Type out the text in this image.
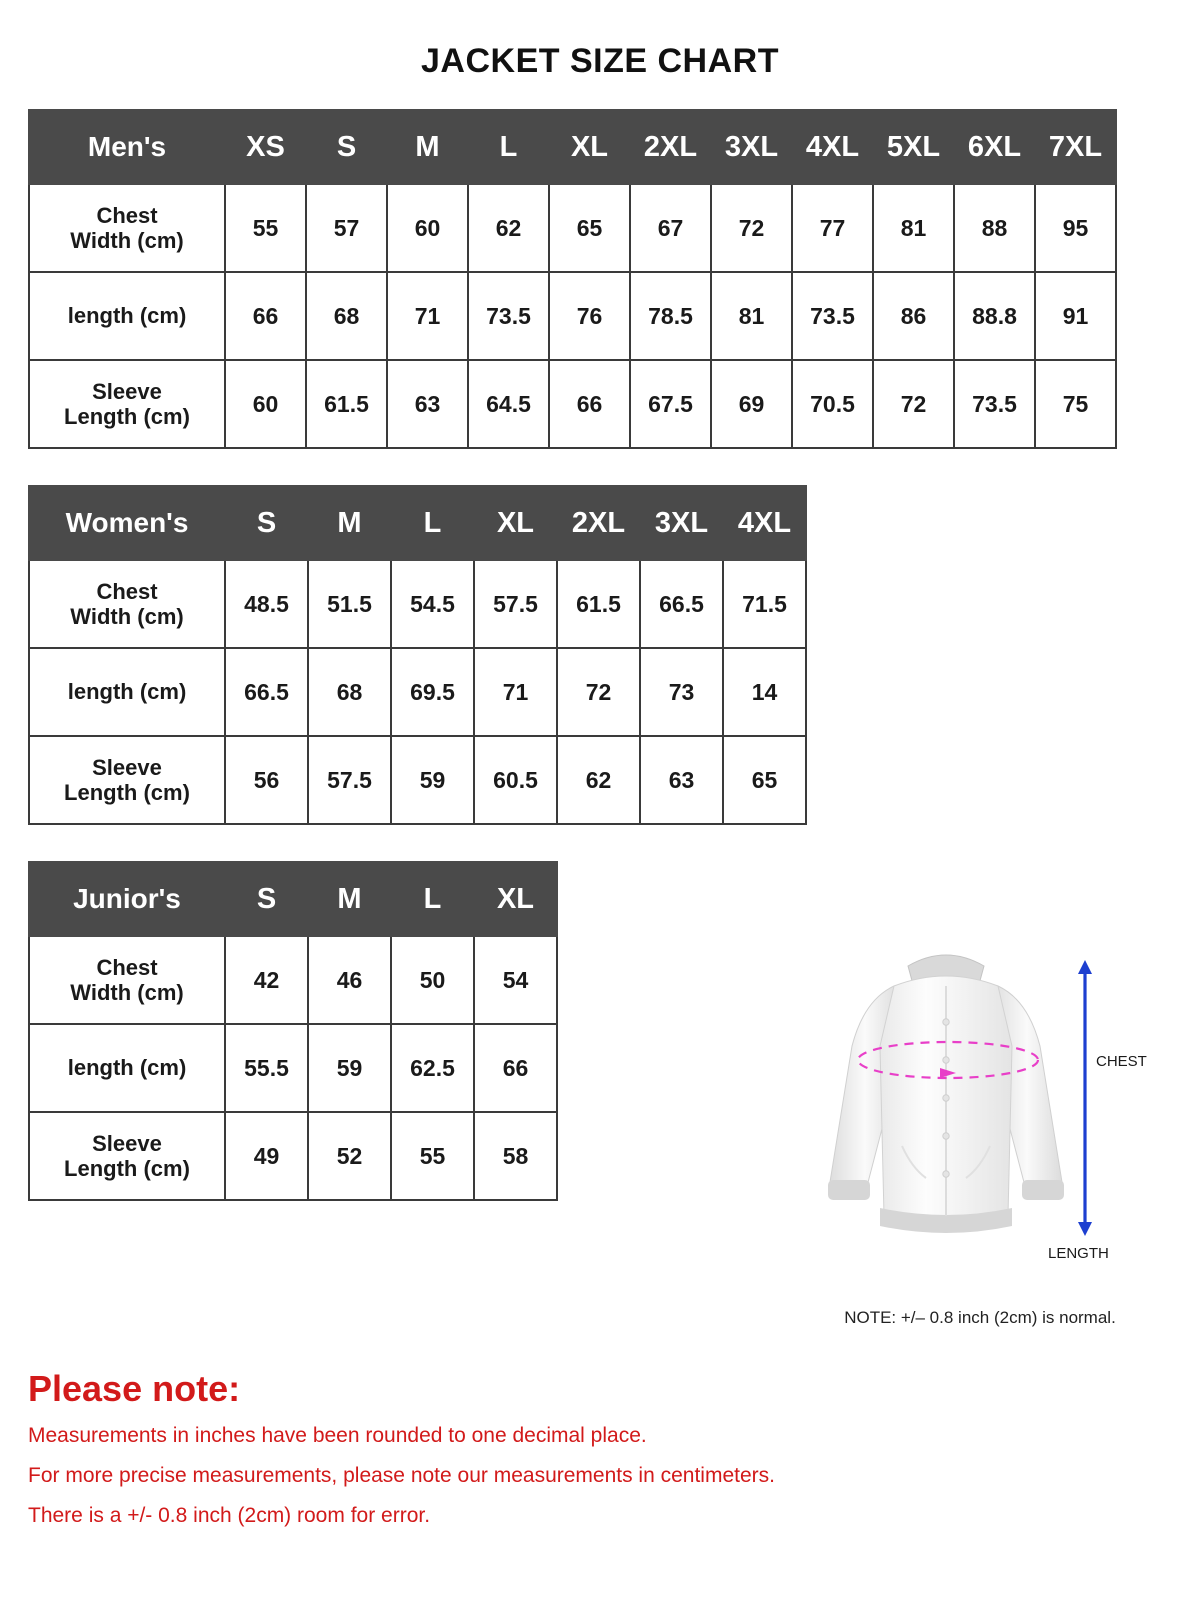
JACKET SIZE CHART
Men's	XS	S	M	L	XL	2XL	3XL	4XL	5XL	6XL	7XL

Chest
Width (cm)	55	57	60	62	65	67	72	77	81	88	95

length (cm)	66	68	71	73.5	76	78.5	81	73.5	86	88.8	91

Sleeve
Length (cm)	60	61.5	63	64.5	66	67.5	69	70.5	72	73.5	75
Women's	S	M	L	XL	2XL	3XL	4XL

Chest
Width (cm)	48.5	51.5	54.5	57.5	61.5	66.5	71.5

length (cm)	66.5	68	69.5	71	72	73	14

Sleeve
Length (cm)	56	57.5	59	60.5	62	63	65
Junior's	S	M	L	XL

Chest
Width (cm)	42	46	50	54

length (cm)	55.5	59	62.5	66

Sleeve
Length (cm)	49	52	55	58
CHEST
LENGTH
NOTE: +/– 0.8 inch (2cm) is normal.
Please note:
Measurements in inches have been rounded to one decimal place.
For more precise measurements, please note our measurements in centimeters.
There is a +/- 0.8 inch (2cm) room for error.
